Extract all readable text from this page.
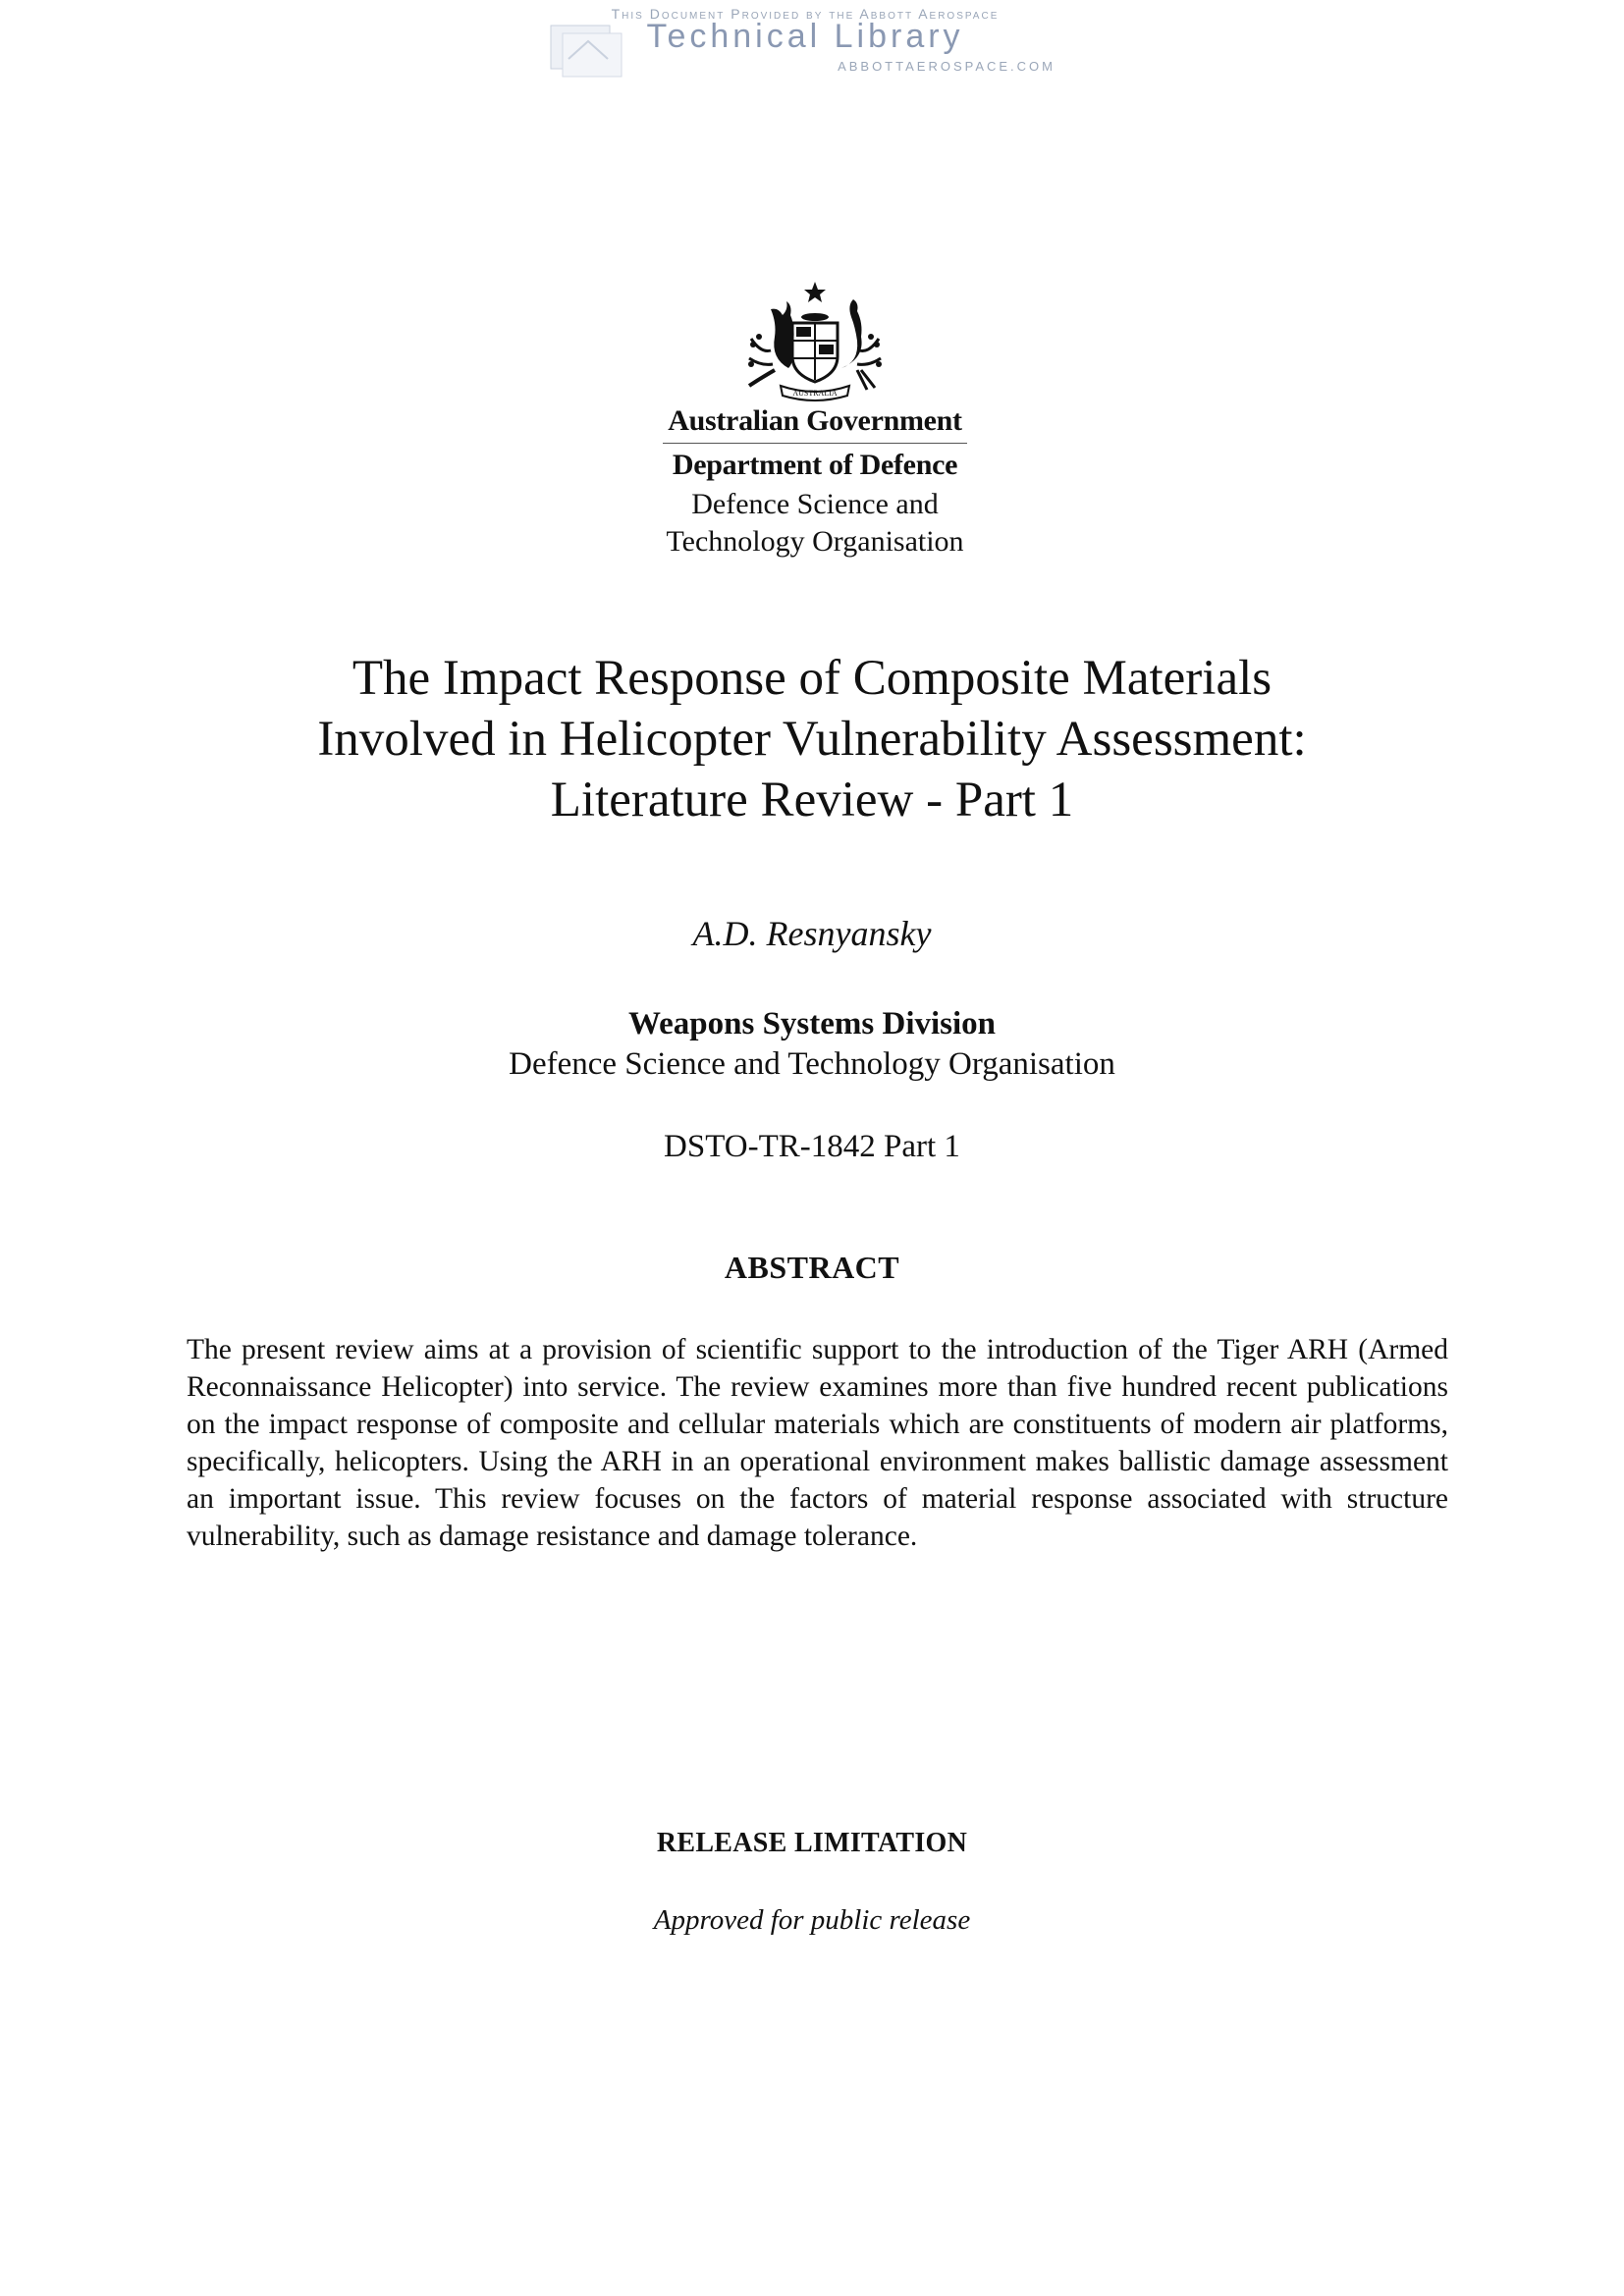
This Document Provided by the Abbott Aerospace
Technical Library
ABBOTTAEROSPACE.COM
AUSTRALIA
Australian Government
Department of Defence
Defence Science and
Technology Organisation
The Impact Response of Composite Materials
Involved in Helicopter Vulnerability Assessment:
Literature Review - Part 1
A.D. Resnyansky
Weapons Systems Division
Defence Science and Technology Organisation
DSTO-TR-1842 Part 1
ABSTRACT
The present review aims at a provision of scientific support to the introduction of the Tiger ARH (Armed Reconnaissance Helicopter) into service. The review examines more than five hundred recent publications on the impact response of composite and cellular materials which are constituents of modern air platforms, specifically, helicopters. Using the ARH in an operational environment makes ballistic damage assessment an important issue. This review focuses on the factors of material response associated with structure vulnerability, such as damage resistance and damage tolerance.
RELEASE LIMITATION
Approved for public release
